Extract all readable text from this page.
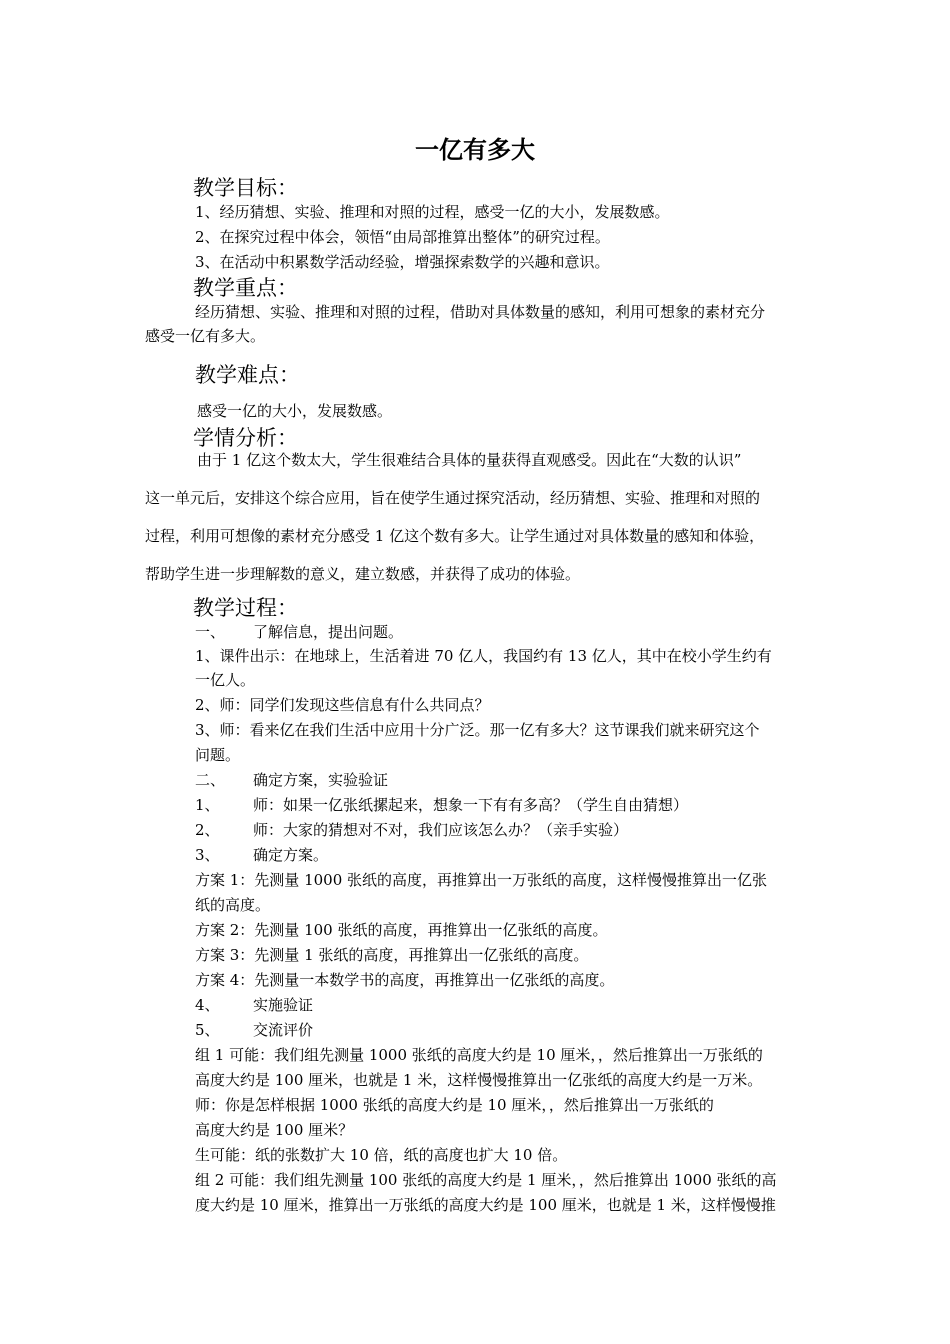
一亿有多大
教学目标：
1、经历猜想、实验、推理和对照的过程，感受一亿的大小，发展数感。
2、在探究过程中体会，领悟“由局部推算出整体”的研究过程。
3、在活动中积累数学活动经验，增强探索数学的兴趣和意识。
教学重点：
经历猜想、实验、推理和对照的过程，借助对具体数量的感知，利用可想象的素材充分
感受一亿有多大。
教学难点：
感受一亿的大小，发展数感。
学情分析：
由于 1 亿这个数太大，学生很难结合具体的量获得直观感受。因此在“大数的认识”
这一单元后，安排这个综合应用，旨在使学生通过探究活动，经历猜想、实验、推理和对照的
过程，利用可想像的素材充分感受 1 亿这个数有多大。让学生通过对具体数量的感知和体验，
帮助学生进一步理解数的意义，建立数感，并获得了成功的体验。
教学过程：
一、 了解信息，提出问题。
1、课件出示：在地球上，生活着进 70 亿人，我国约有 13 亿人，其中在校小学生约有
一亿人。
2、师：同学们发现这些信息有什么共同点？
3、师：看来亿在我们生活中应用十分广泛。那一亿有多大？这节课我们就来研究这个
问题。
二、 确定方案，实验验证
1、 师：如果一亿张纸摞起来，想象一下有有多高？（学生自由猜想）
2、 师：大家的猜想对不对，我们应该怎么办？（亲手实验）
3、 确定方案。
方案 1：先测量 1000 张纸的高度，再推算出一万张纸的高度，这样慢慢推算出一亿张
纸的高度。
方案 2：先测量 100 张纸的高度，再推算出一亿张纸的高度。
方案 3：先测量 1 张纸的高度，再推算出一亿张纸的高度。
方案 4：先测量一本数学书的高度，再推算出一亿张纸的高度。
4、 实施验证
5、 交流评价
组 1 可能：我们组先测量 1000 张纸的高度大约是 10 厘米，，然后推算出一万张纸的
高度大约是 100 厘米，也就是 1 米，这样慢慢推算出一亿张纸的高度大约是一万米。
师：你是怎样根据 1000 张纸的高度大约是 10 厘米，，然后推算出一万张纸的
高度大约是 100 厘米？
生可能：纸的张数扩大 10 倍，纸的高度也扩大 10 倍。
组 2 可能：我们组先测量 100 张纸的高度大约是 1 厘米，，然后推算出 1000 张纸的高
度大约是 10 厘米，推算出一万张纸的高度大约是 100 厘米，也就是 1 米，这样慢慢推
